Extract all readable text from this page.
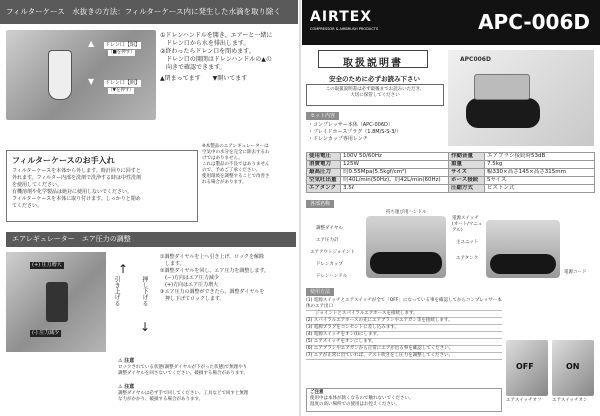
フィルターケース　水抜きの方法：フィルターケース内に発生した水滴を取り除く
▲
▼
ドレン口【閉】
（■を押す）
ドレン口【開】
（▼を押す）
①ドレンハンドルを開き、エアーと一緒に
　ドレン口から水を排出します。
②終わったらドレン口を閉めます。
　ドレン口の開閉はドレンハンドルの▲の
　向きで確認できます。
▲閉まってます　　▼開いてます
フィルターケースのお手入れ
フィルターケースを本体から外します。時計回りに回すと
外れます。フィルター内部を洗剤で洗浄する時は中性洗剤
を使用してください。
有機溶剤や化学製品は絶対に使用しないでください。
フィルターケースを本体に取り付けます。しっかりと閉め
てください。
※本製品のエアレギュレーターは
空気中の水分を完全に除去するわ
けではありません。
これは製品の不良ではありません
ので、予めご了承ください。
使用環境を調整することで改善さ
れる場合があります。
エアレギュレーター　エア圧力の調整
(+) 圧力増大
(-) 圧力減少
↑
引き上げる
↓
押し下げる
①調整ダイヤルを上へ引き上げ、ロックを解除
　します。
②調整ダイヤルを回し、エア圧力を調整します。
　(ー)方向はエア圧力減少
　(+)方向はエア圧力増大
③エア圧力の調整ができたら、調整ダイヤルを
　押し下げてロックします。
⚠ 注意
ロックされている状態(調整ダイヤルが下がった状態)で無理やり
調整ダイヤルを回さないでください。破損する場合があります。
⚠ 注意
調整ダイヤルは必ず手で回してください。工具などで回すと無理
な力がかかり、破損する場合があります。
AIRTEX
COMPRESSOR & AIRBRUSH PRODUCTS	APC-006D
取扱説明書
安全のために必ずお読み下さい
この取扱説明書は必ず最後までお読みいただき、
大切に保管してください
APC006D
セット内容
・コンプレッサー本体（APC-006D）
・ブレイドホースプラグ（1.8M/S-S-3/）
・ドレンカップ専用レンチ
使用電圧	100V 50/60Hz	作動音量	エアブラシ接続時53dB
消費電力	125W	重量	7.5kg
最高圧力	約0.55Mpa(5.5kgf/cm²)	サイズ	幅330×高さ145×高さ315mm
空気吐出量	約40L/min(50Hz)、約42L/min(60Hz)	ホース接続	Sサイズ
エアタンク	3.5ℓ	圧縮方式	ピストン式
各部名称
持ち運び用ハンドル
調整ダイヤル
エア圧力計
エアアウトジョイント
ドレンカップ
ドレンハンドル
電源スイッチ
(オート/マニュアル)
主ユニット
エアタンク
電源コード
使用方法
(1) 電源スイッチとエアスイッチが全て「OFF」になっている事を確認してからコンプレッサー本体のエア出口
　　ジョイントとスパイラルエアホースを接続します。
(2) スパイラルエアホースの先にエアブラシやエアガン等を接続します。
(3) 電源プラグをコンセントに差し込みます。
(4) 電源スイッチをオン(I)にします。
(5) エアスイッチをオンにします。
(6) エアブラシやエアガンから正常にエアが出る事を確認してください。
(7) エアが正常に出ていれば、テスト吹きをし圧力を調整してください。
OFF	ON
エアスイッチオフ エアスイッチオン
ご注意
使用中は本体が熱くなるので触れないでください。
湿度の高い場所での使用はお控えください。
